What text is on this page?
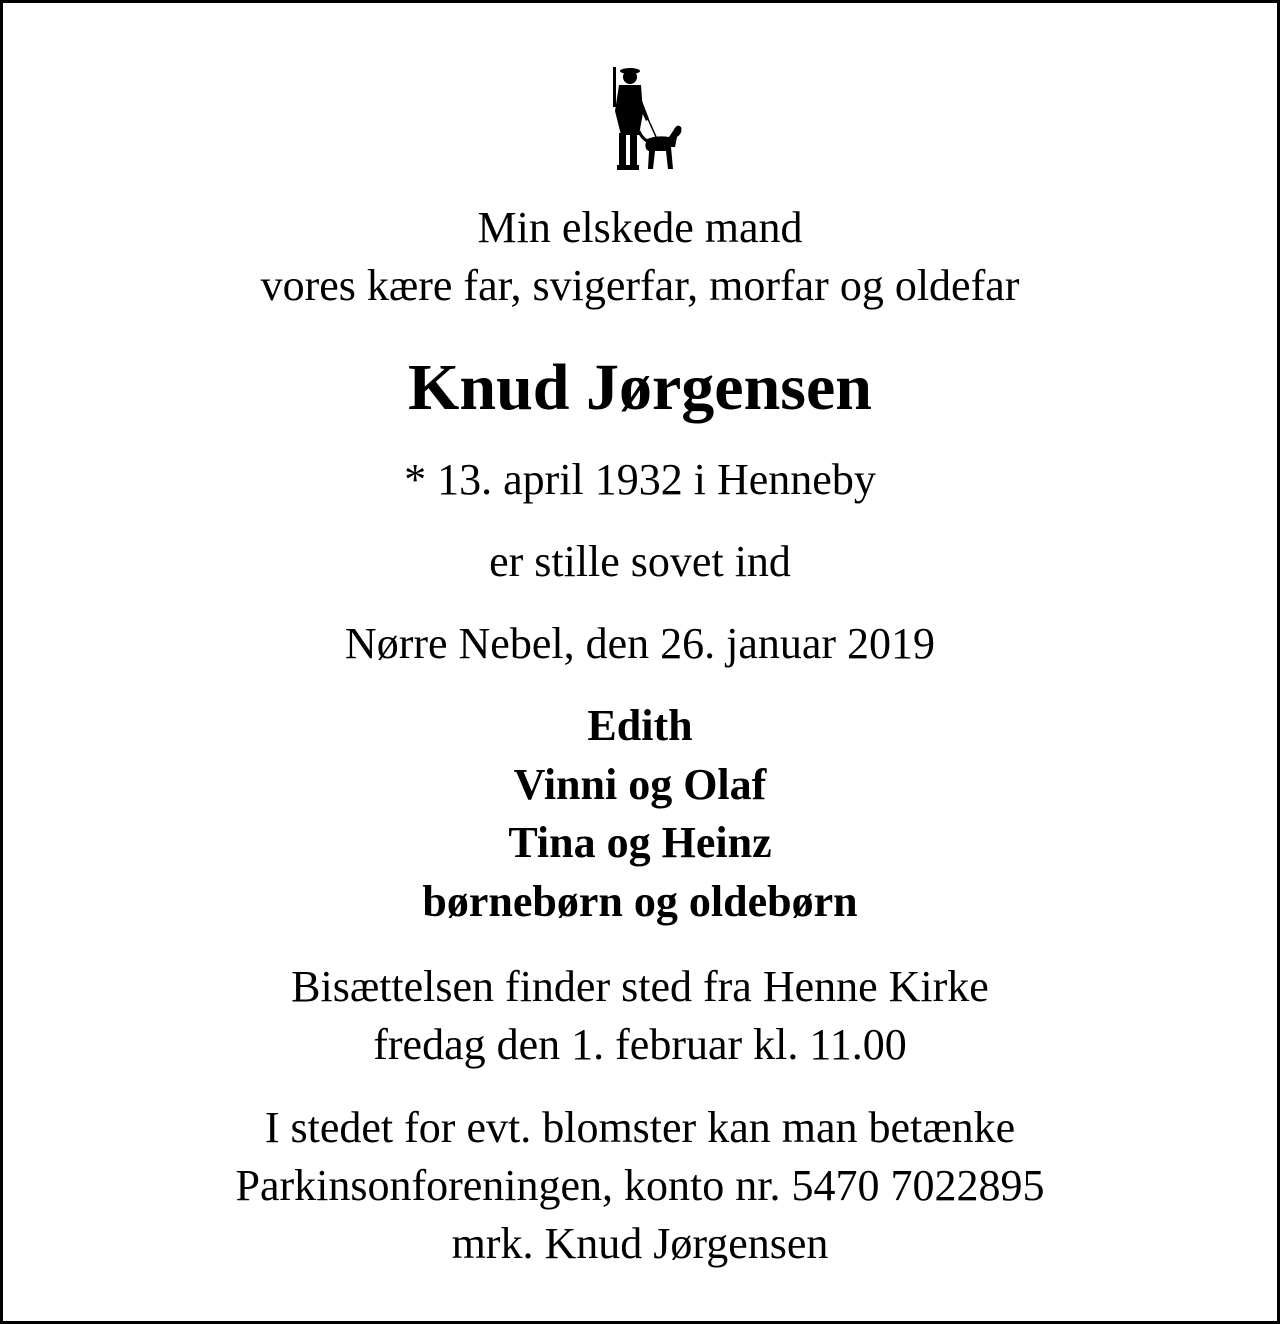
Min elskede mand
vores kære far, svigerfar, morfar og oldefar

Knud Jørgensen

* 13. april 1932 i Henneby

er stille sovet ind

Nørre Nebel, den 26. januar 2019

Edith
Vinni og Olaf
Tina og Heinz
børnebørn og oldebørn

Bisættelsen finder sted fra Henne Kirke
fredag den 1. februar kl. 11.00

I stedet for evt. blomster kan man betænke
Parkinsonforeningen, konto nr. 5470 7022895
mrk. Knud Jørgensen
